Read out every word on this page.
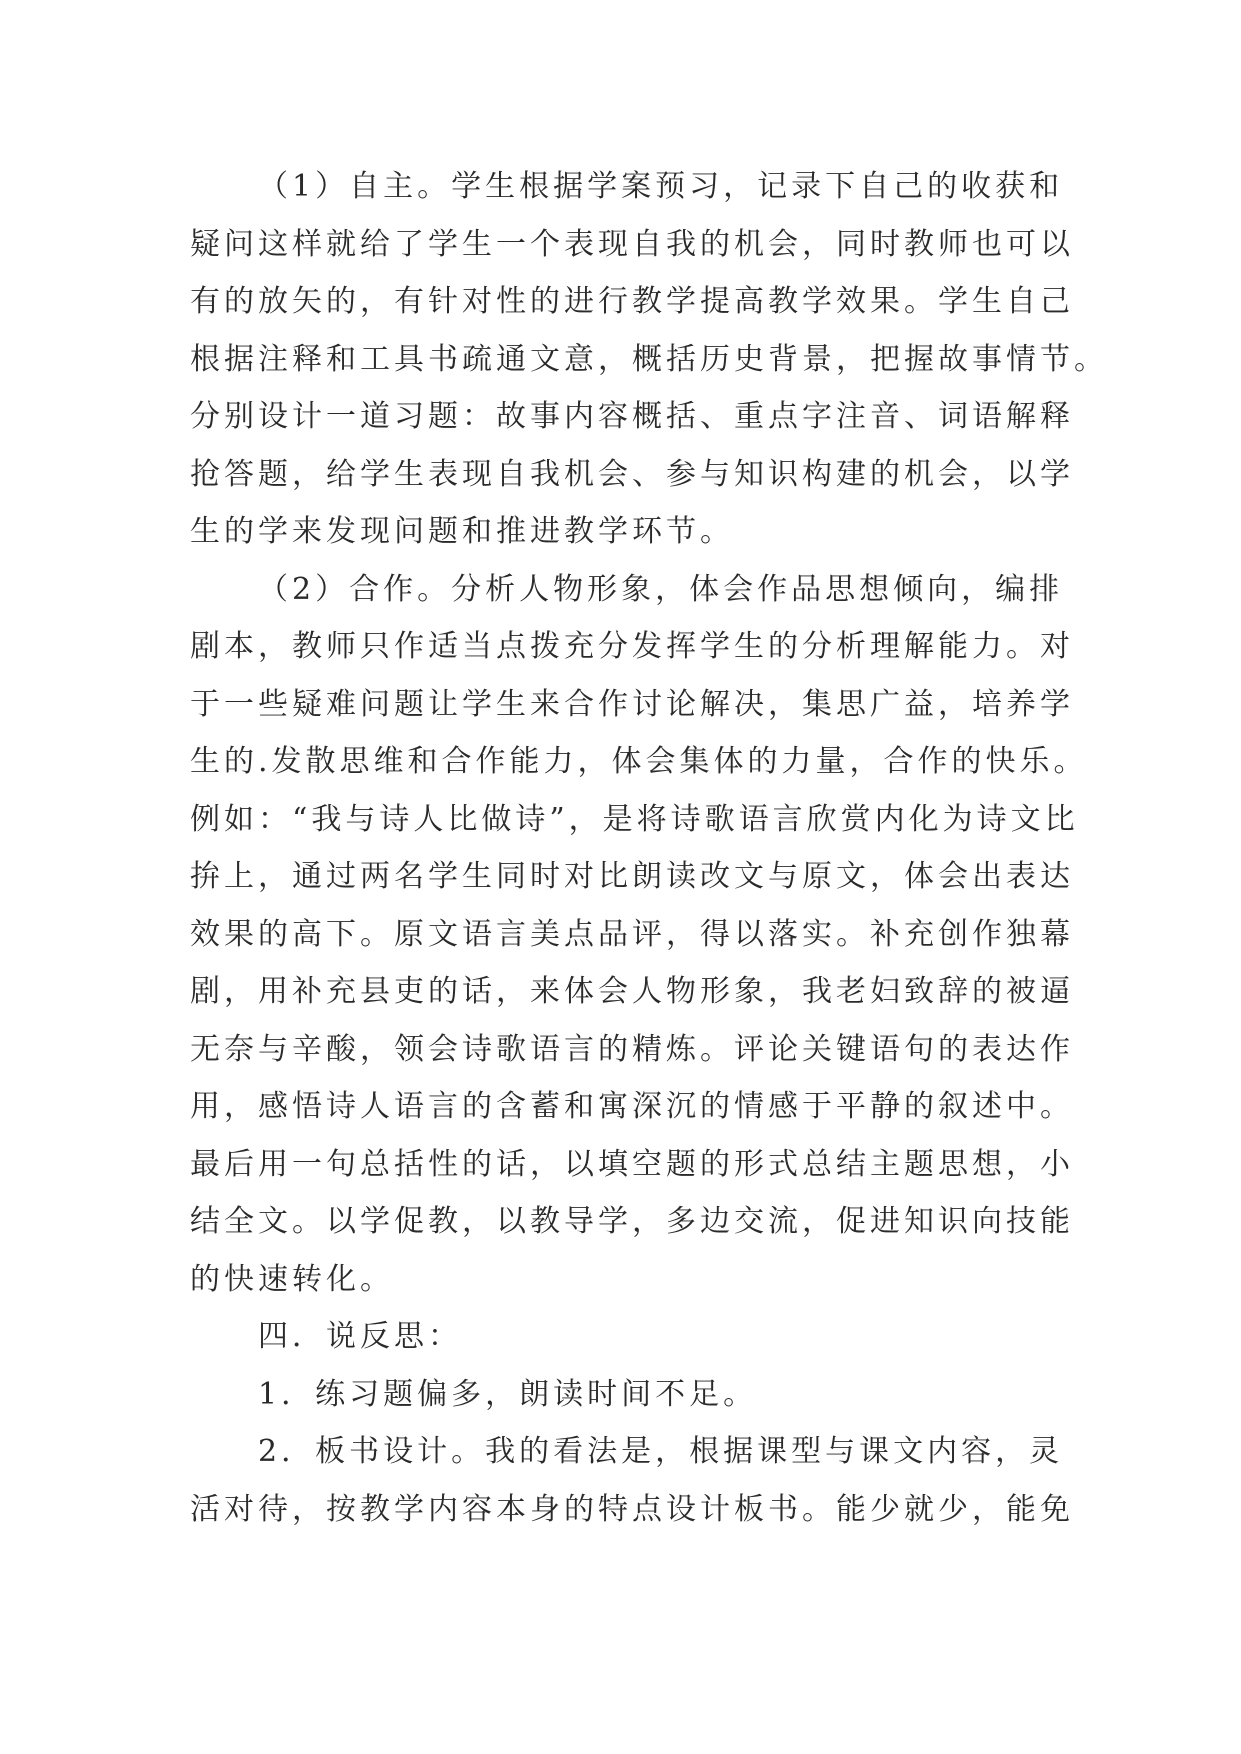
（1）自主。学生根据学案预习，记录下自己的收获和
疑问这样就给了学生一个表现自我的机会，同时教师也可以
有的放矢的，有针对性的进行教学提高教学效果。学生自己
根据注释和工具书疏通文意，概括历史背景，把握故事情节。
分别设计一道习题：故事内容概括、重点字注音、词语解释
抢答题，给学生表现自我机会、参与知识构建的机会，以学
生的学来发现问题和推进教学环节。

（2）合作。分析人物形象，体会作品思想倾向，编排
剧本，教师只作适当点拨充分发挥学生的分析理解能力。对
于一些疑难问题让学生来合作讨论解决，集思广益，培养学
生的.发散思维和合作能力，体会集体的力量，合作的快乐。
例如：“我与诗人比做诗”，是将诗歌语言欣赏内化为诗文比
拚上，通过两名学生同时对比朗读改文与原文，体会出表达
效果的高下。原文语言美点品评，得以落实。补充创作独幕
剧，用补充县吏的话，来体会人物形象，我老妇致辞的被逼
无奈与辛酸，领会诗歌语言的精炼。评论关键语句的表达作
用，感悟诗人语言的含蓄和寓深沉的情感于平静的叙述中。
最后用一句总括性的话，以填空题的形式总结主题思想，小
结全文。以学促教，以教导学，多边交流，促进知识向技能
的快速转化。

四．说反思：

1．练习题偏多，朗读时间不足。

2．板书设计。我的看法是，根据课型与课文内容，灵
活对待，按教学内容本身的特点设计板书。能少就少，能免
